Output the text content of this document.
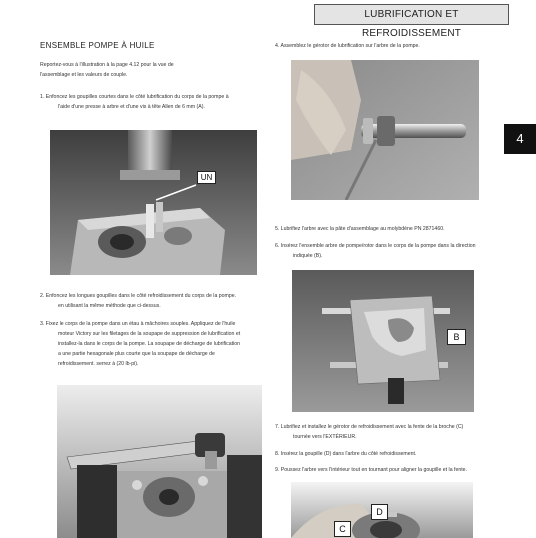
LUBRIFICATION ET REFROIDISSEMENT
4
ENSEMBLE POMPE À HUILE
Reportez-vous à l'illustration à la page 4.12 pour la vue de
l'assemblage et les valeurs de couple.
1. Enfoncez les goupilles courtes dans le côté lubrification du corps de la pompe à
l'aide d'une presse à arbre et d'une vis à tête Allen de 6 mm (A).
UN
2. Enfoncez les longues goupilles dans le côté refroidissement du corps de la pompe.
en utilisant la même méthode que ci-dessus.
3. Fixez le corps de la pompe dans un étau à mâchoires souples. Appliquez de l'huile
moteur Victory sur les filetages de la soupape de suppression de lubrification et
installez-la dans le corps de la pompe. La soupape de décharge de lubrification
a une partie hexagonale plus courte que la soupape de décharge de
refroidissement. serrez à (20 lb-pi).
4. Assemblez le gérotor de lubrification sur l'arbre de la pompe.
5. Lubrifiez l'arbre avec la pâte d'assemblage au molybdène PN 2871460.
6. Insérez l'ensemble arbre de pompe/rotor dans le corps de la pompe dans la direction
indiquée (B).
B
7. Lubrifiez et installez le gérotor de refroidissement avec la fente de la broche (C)
tournée vers l'EXTÉRIEUR.
8. Insérez la goupille (D) dans l'arbre du côté refroidissement.
9. Poussez l'arbre vers l'intérieur tout en tournant pour aligner la goupille et la fente.
C
D
